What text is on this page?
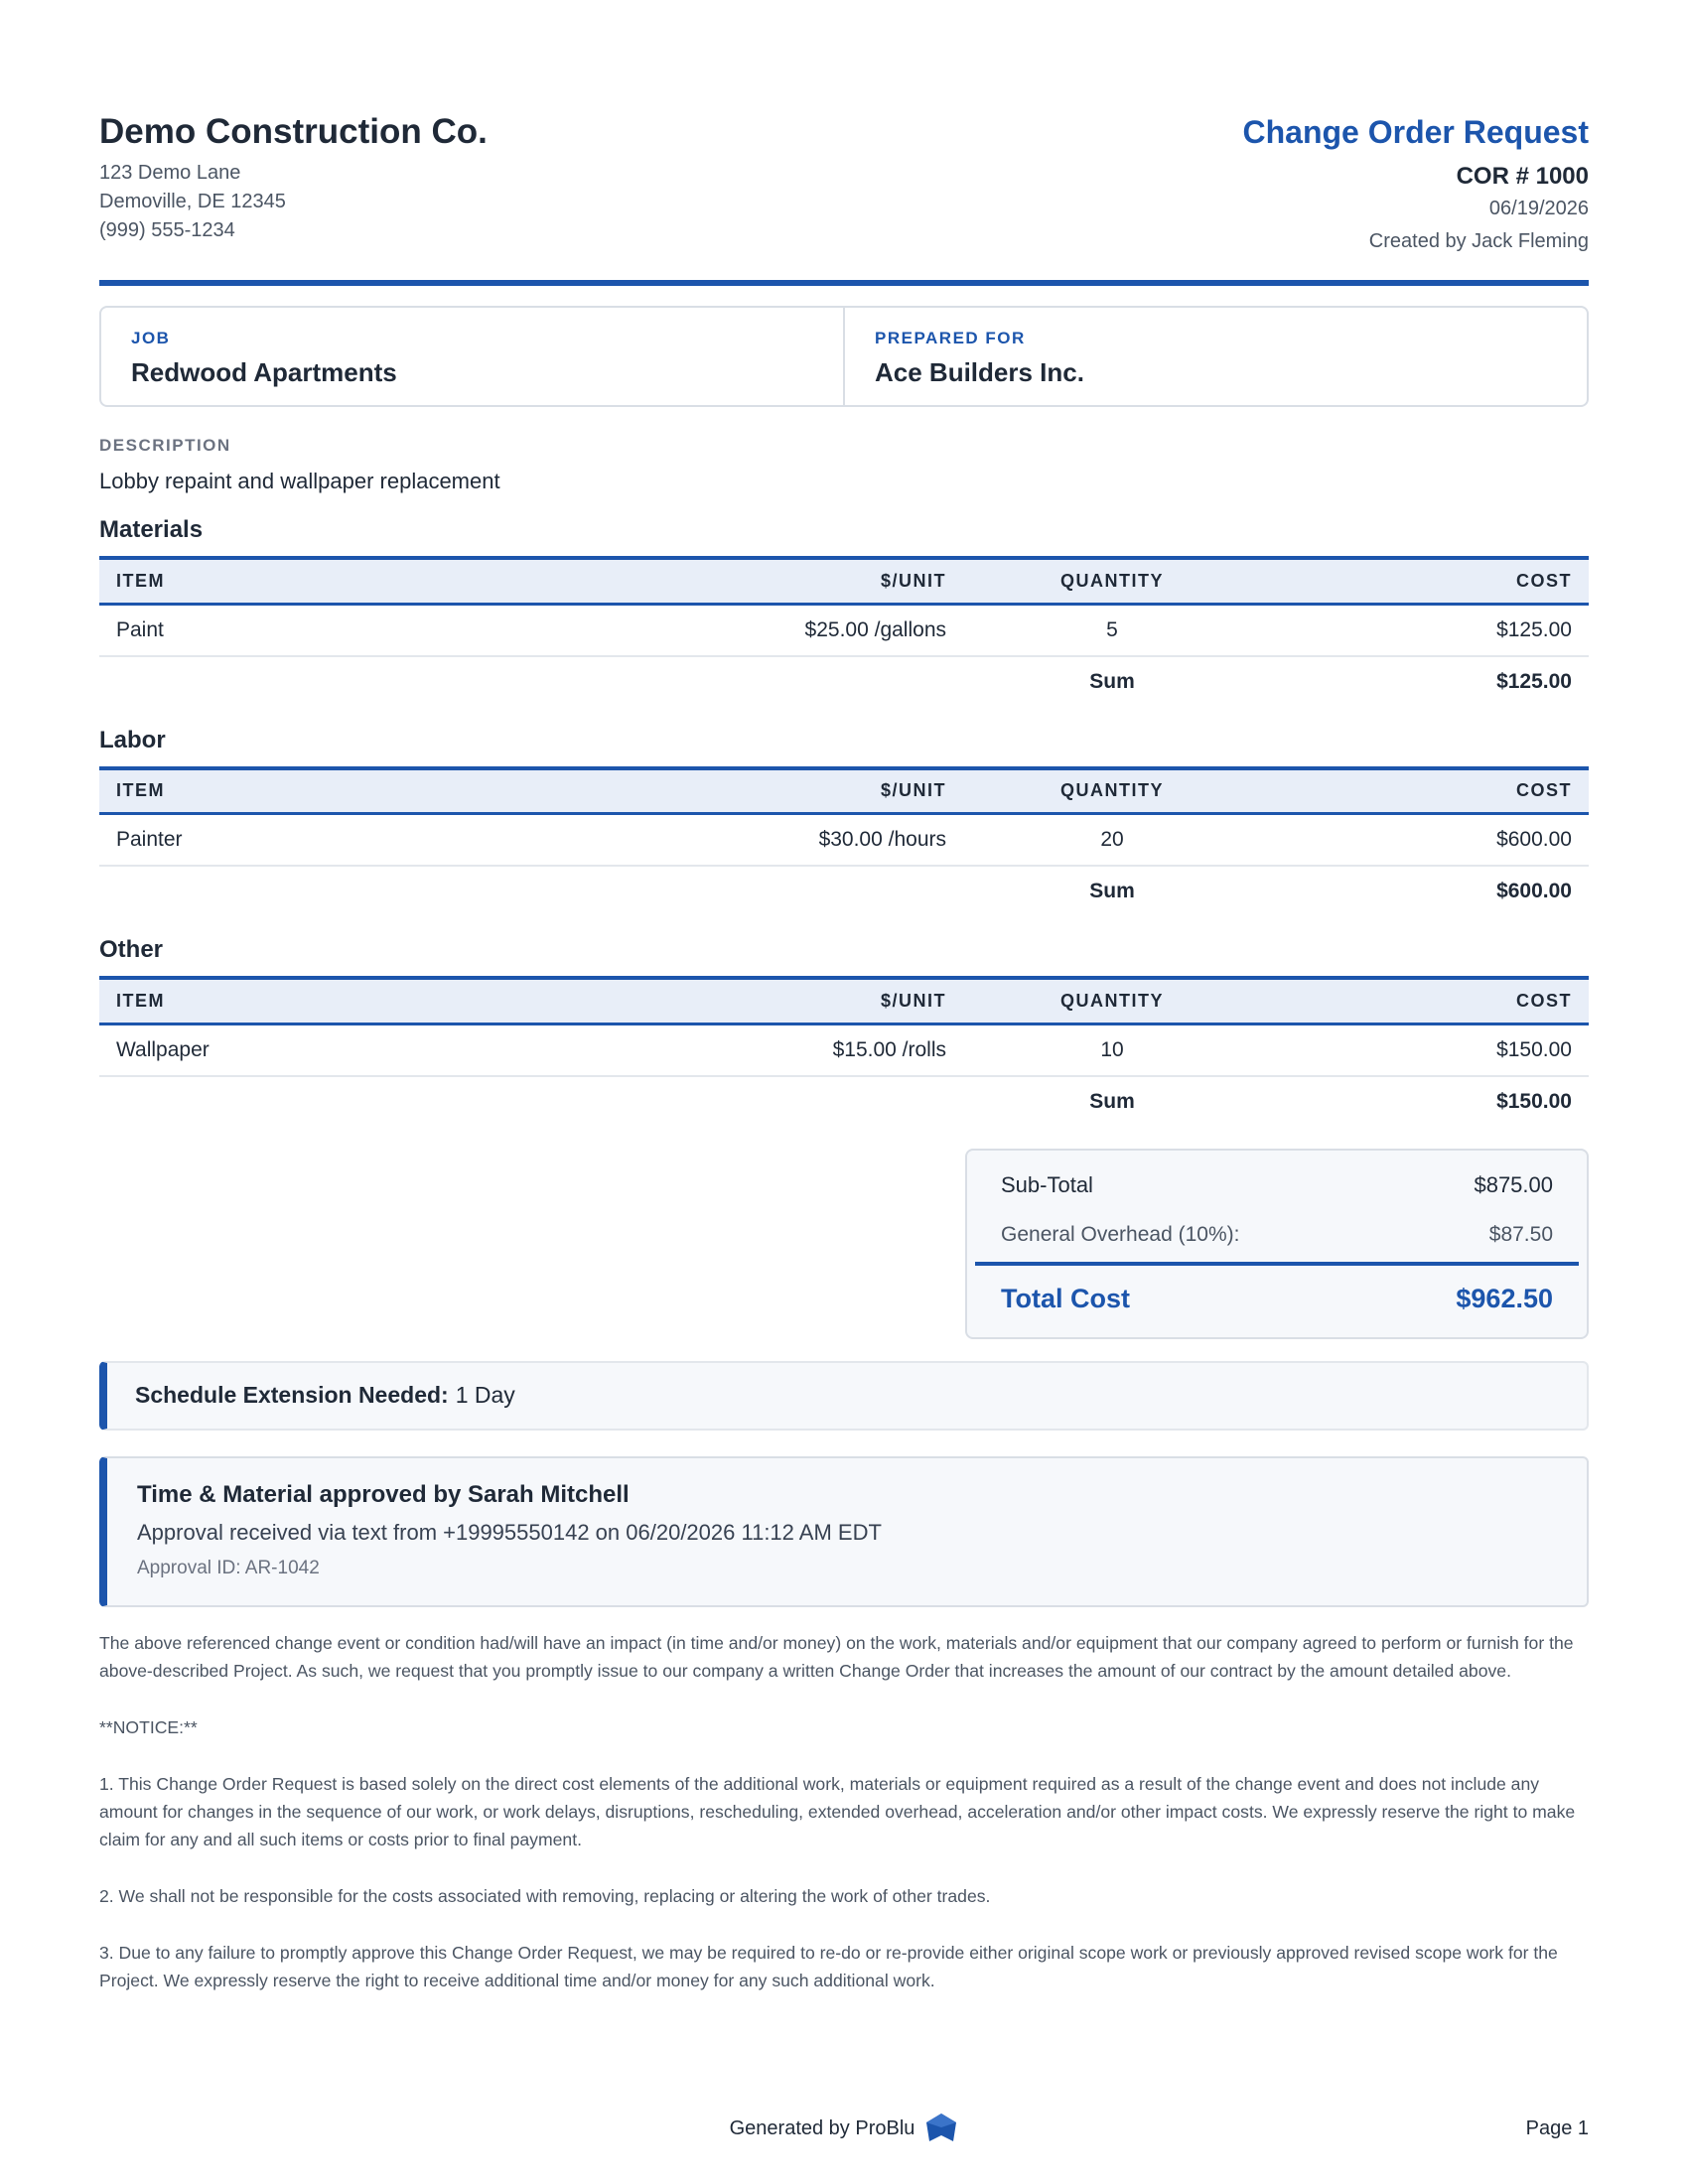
Demo Construction Co.
123 Demo Lane
Demoville, DE 12345
(999) 555-1234
Change Order Request
COR # 1000
06/19/2026
Created by Jack Fleming
JOB
Redwood Apartments
PREPARED FOR
Ace Builders Inc.
DESCRIPTION
Lobby repaint and wallpaper replacement
Materials
ITEM	$/UNIT	QUANTITY	COST
Paint	$25.00 /gallons	5	$125.00
		Sum	$125.00
Labor
ITEM	$/UNIT	QUANTITY	COST
Painter	$30.00 /hours	20	$600.00
		Sum	$600.00
Other
ITEM	$/UNIT	QUANTITY	COST
Wallpaper	$15.00 /rolls	10	$150.00
		Sum	$150.00
Sub-Total	$875.00
General Overhead (10%):	$87.50
Total Cost	$962.50
Schedule Extension Needed: 1 Day
Time & Material approved by Sarah Mitchell
Approval received via text from +19995550142 on 06/20/2026 11:12 AM EDT
Approval ID: AR-1042

The above referenced change event or condition had/will have an impact (in time and/or money) on the work, materials and/or equipment that our company agreed to perform or furnish for the above-described Project. As such, we request that you promptly issue to our company a written Change Order that increases the amount of our contract by the amount detailed above.

**NOTICE:**

1. This Change Order Request is based solely on the direct cost elements of the additional work, materials or equipment required as a result of the change event and does not include any amount for changes in the sequence of our work, or work delays, disruptions, rescheduling, extended overhead, acceleration and/or other impact costs. We expressly reserve the right to make claim for any and all such items or costs prior to final payment.

2. We shall not be responsible for the costs associated with removing, replacing or altering the work of other trades.

3. Due to any failure to promptly approve this Change Order Request, we may be required to re-do or re-provide either original scope work or previously approved revised scope work for the Project. We expressly reserve the right to receive additional time and/or money for any such additional work.

Generated by ProBlu	Page 1
